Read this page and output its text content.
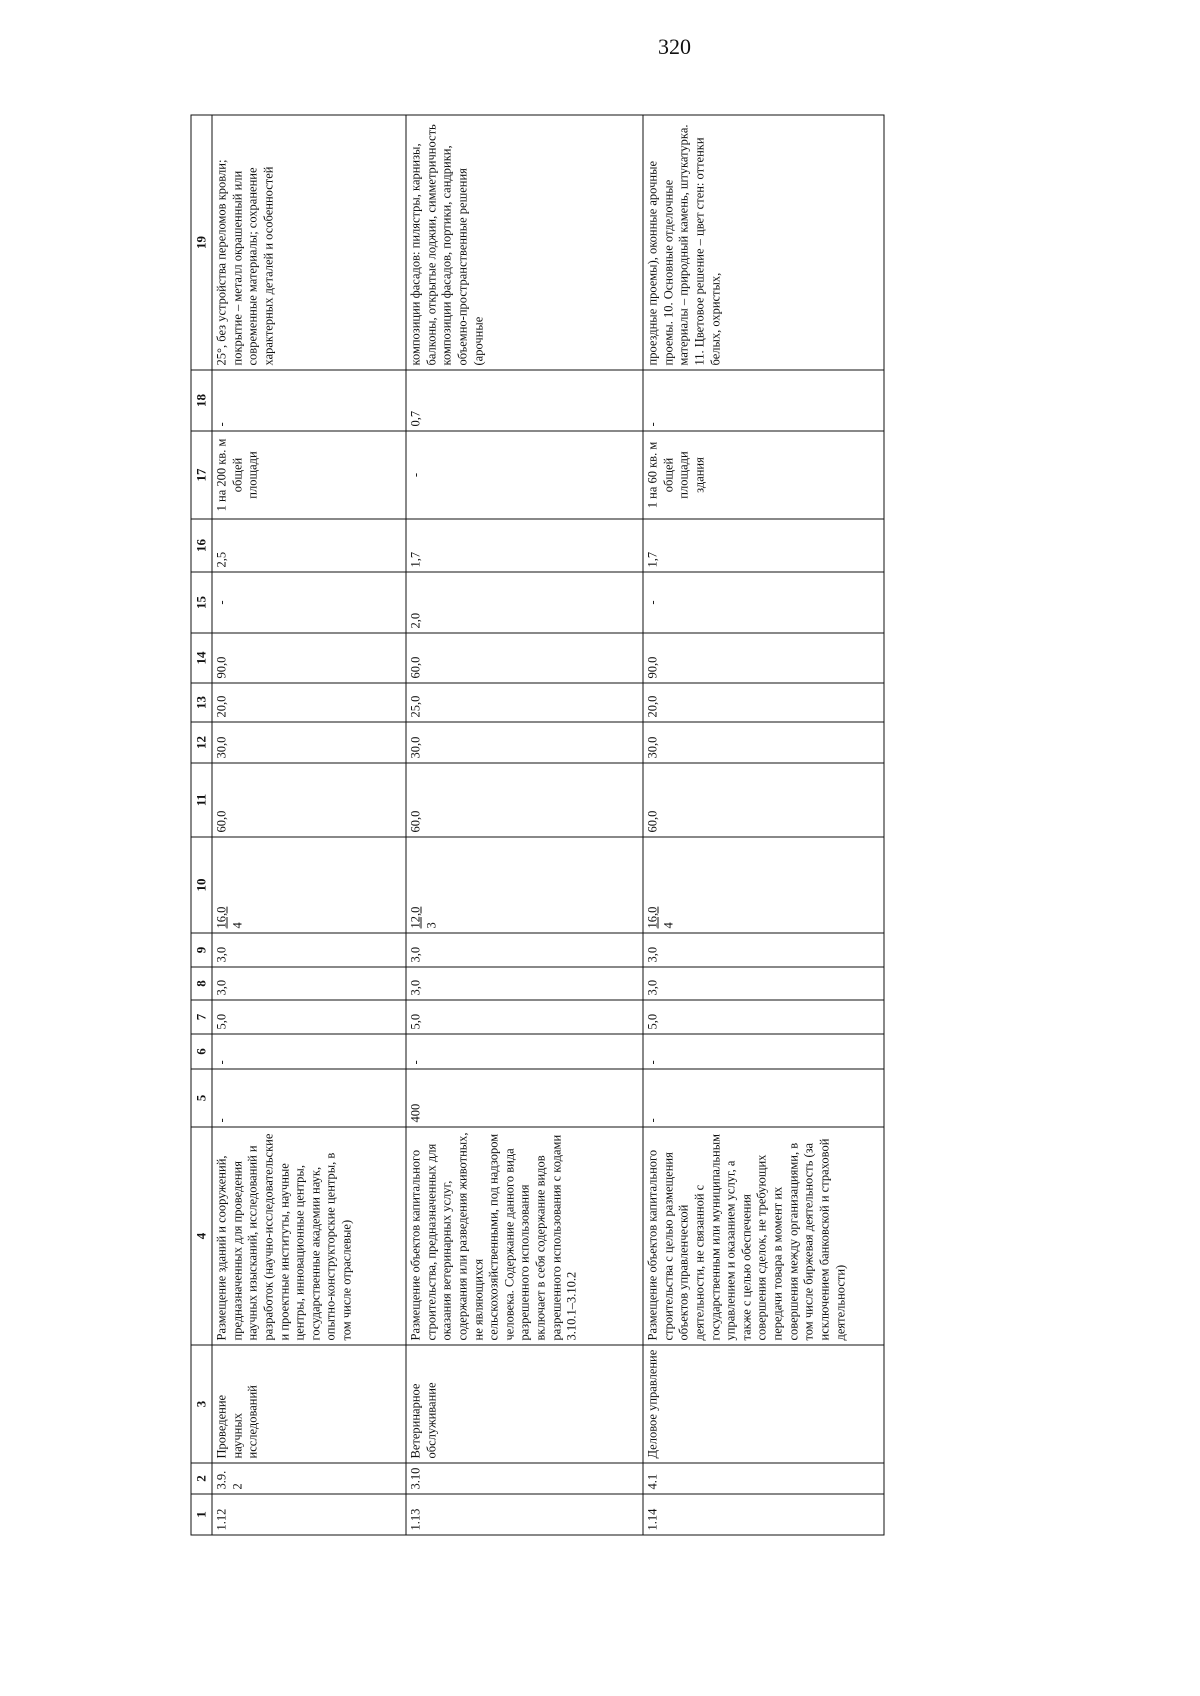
320
1	2	3	4	5	6	7	8	9	10	11	12	13	14	15	16	17	18	19
1.12	3.9.2	Проведение научных исследований	Размещение зданий и сооружений, предназначенных для проведения научных изысканий, исследований и разработок (научно-исследовательские и проектные институты, научные центры, инновационные центры, государственные академии наук, опытно-конструкторские центры, в том числе отраслевые)	-	-	5,0	3,0	3,0	16,0 4	60,0	30,0	20,0	90,0	-	2,5	1 на 200 кв. м общей площади	-	25°, без устройства переломов кровли; покрытие – металл окрашенный или современные материалы; сохранение характерных деталей и особенностей
1.13	3.10	Ветеринарное обслуживание	Размещение объектов капитального строительства, предназначенных для оказания ветеринарных услуг, содержания или разведения животных, не являющихся сельскохозяйственными, под надзором человека. Содержание данного вида разрешенного использования включает в себя содержание видов разрешенного использования с кодами 3.10.1–3.10.2	400	-	5,0	3,0	3,0	12,0 3	60,0	30,0	25,0	60,0	2,0	1,7	-	0,7	композиции фасадов: пилястры, карнизы, балконы, открытые лоджии, симметричность композиции фасадов, портики, сандрики, объемно-пространственные решения (арочные
1.14	4.1	Деловое управление	Размещение объектов капитального строительства с целью размещения объектов управленческой деятельности, не связанной с государственным или муниципальным управлением и оказанием услуг, а также с целью обеспечения совершения сделок, не требующих передачи товара в момент их совершения между организациями, в том числе биржевая деятельность (за исключением банковской и страховой деятельности)	-	-	5,0	3,0	3,0	16,0 4	60,0	30,0	20,0	90,0	-	1,7	1 на 60 кв. м общей площади здания	-	проездные проемы), оконные арочные проемы. 10. Основные отделочные материалы – природный камень, штукатурка. 11. Цветовое решение – цвет стен: оттенки белых, охристых,
